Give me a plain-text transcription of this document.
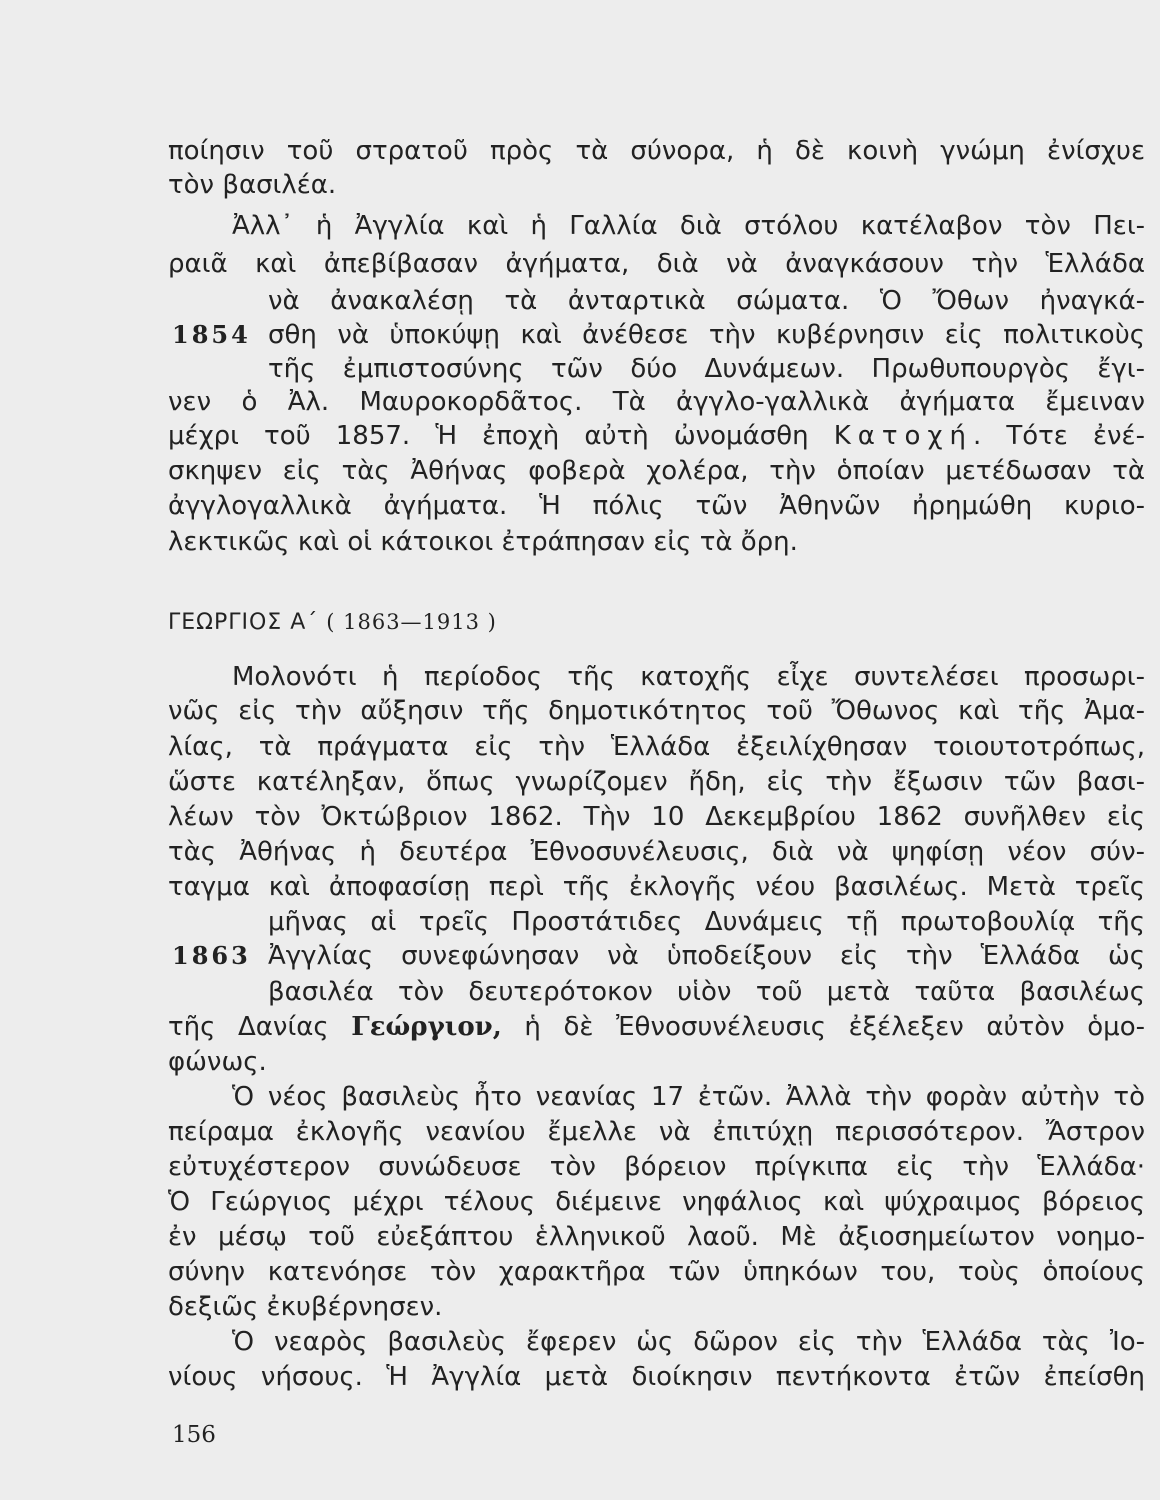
ποίησιν τοῦ στρατοῦ πρὸς τὰ σύνορα, ἡ δὲ κοινὴ γνώμη ἐνίσχυε
τὸν βασιλέα.
Ἀλλ᾽ ἡ Ἀγγλία καὶ ἡ Γαλλία διὰ στόλου κατέλαβον τὸν Πει-
ραιᾶ καὶ ἀπεβίβασαν ἀγήματα, διὰ νὰ ἀναγκάσουν τὴν Ἑλλάδα
νὰ ἀνακαλέσῃ τὰ ἀνταρτικὰ σώματα. Ὁ Ὄθων ἠναγκά-
1854 σθη νὰ ὑποκύψῃ καὶ ἀνέθεσε τὴν κυβέρνησιν εἰς πολιτικοὺς
τῆς ἐμπιστοσύνης τῶν δύο Δυνάμεων. Πρωθυπουργὸς ἔγι-
νεν ὁ Ἀλ. Μαυροκορδᾶτος. Τὰ ἀγγλο-γαλλικὰ ἀγήματα ἔμειναν
μέχρι τοῦ 1857. Ἡ ἐποχὴ αὐτὴ ὠνομάσθη Κατοχή. Τότε ἐνέ-
σκηψεν εἰς τὰς Ἀθήνας φοβερὰ χολέρα, τὴν ὁποίαν μετέδωσαν τὰ
ἀγγλογαλλικὰ ἀγήματα. Ἡ πόλις τῶν Ἀθηνῶν ἠρημώθη κυριο-
λεκτικῶς καὶ οἱ κάτοικοι ἐτράπησαν εἰς τὰ ὄρη.
ΓΕΩΡΓΙΟΣ Α΄ ( 1863—1913 )
Μολονότι ἡ περίοδος τῆς κατοχῆς εἶχε συντελέσει προσωρι-
νῶς εἰς τὴν αὔξησιν τῆς δημοτικότητος τοῦ Ὄθωνος καὶ τῆς Ἀμα-
λίας, τὰ πράγματα εἰς τὴν Ἑλλάδα ἐξειλίχθησαν τοιουτοτρόπως,
ὥστε κατέληξαν, ὅπως γνωρίζομεν ἤδη, εἰς τὴν ἔξωσιν τῶν βασι-
λέων τὸν Ὀκτώβριον 1862. Τὴν 10 Δεκεμβρίου 1862 συνῆλθεν εἰς
τὰς Ἀθήνας ἡ δευτέρα Ἐθνοσυνέλευσις, διὰ νὰ ψηφίσῃ νέον σύν-
ταγμα καὶ ἀποφασίσῃ περὶ τῆς ἐκλογῆς νέου βασιλέως. Μετὰ τρεῖς
μῆνας αἱ τρεῖς Προστάτιδες Δυνάμεις τῇ πρωτοβουλίᾳ τῆς
1863 Ἀγγλίας συνεφώνησαν νὰ ὑποδείξουν εἰς τὴν Ἑλλάδα ὡς
βασιλέα τὸν δευτερότοκον υἱὸν τοῦ μετὰ ταῦτα βασιλέως
τῆς Δανίας Γεώργιον, ἡ δὲ Ἐθνοσυνέλευσις ἐξέλεξεν αὐτὸν ὁμο-
φώνως.
Ὁ νέος βασιλεὺς ἦτο νεανίας 17 ἐτῶν. Ἀλλὰ τὴν φορὰν αὐτὴν τὸ
πείραμα ἐκλογῆς νεανίου ἔμελλε νὰ ἐπιτύχῃ περισσότερον. Ἄστρον
εὐτυχέστερον συνώδευσε τὸν βόρειον πρίγκιπα εἰς τὴν Ἑλλάδα·
Ὁ Γεώργιος μέχρι τέλους διέμεινε νηφάλιος καὶ ψύχραιμος βόρειος
ἐν μέσῳ τοῦ εὐεξάπτου ἑλληνικοῦ λαοῦ. Μὲ ἀξιοσημείωτον νοημο-
σύνην κατενόησε τὸν χαρακτῆρα τῶν ὑπηκόων του, τοὺς ὁποίους
δεξιῶς ἐκυβέρνησεν.
Ὁ νεαρὸς βασιλεὺς ἔφερεν ὡς δῶρον εἰς τὴν Ἑλλάδα τὰς Ἰο-
νίους νήσους. Ἡ Ἀγγλία μετὰ διοίκησιν πεντήκοντα ἐτῶν ἐπείσθη
156
